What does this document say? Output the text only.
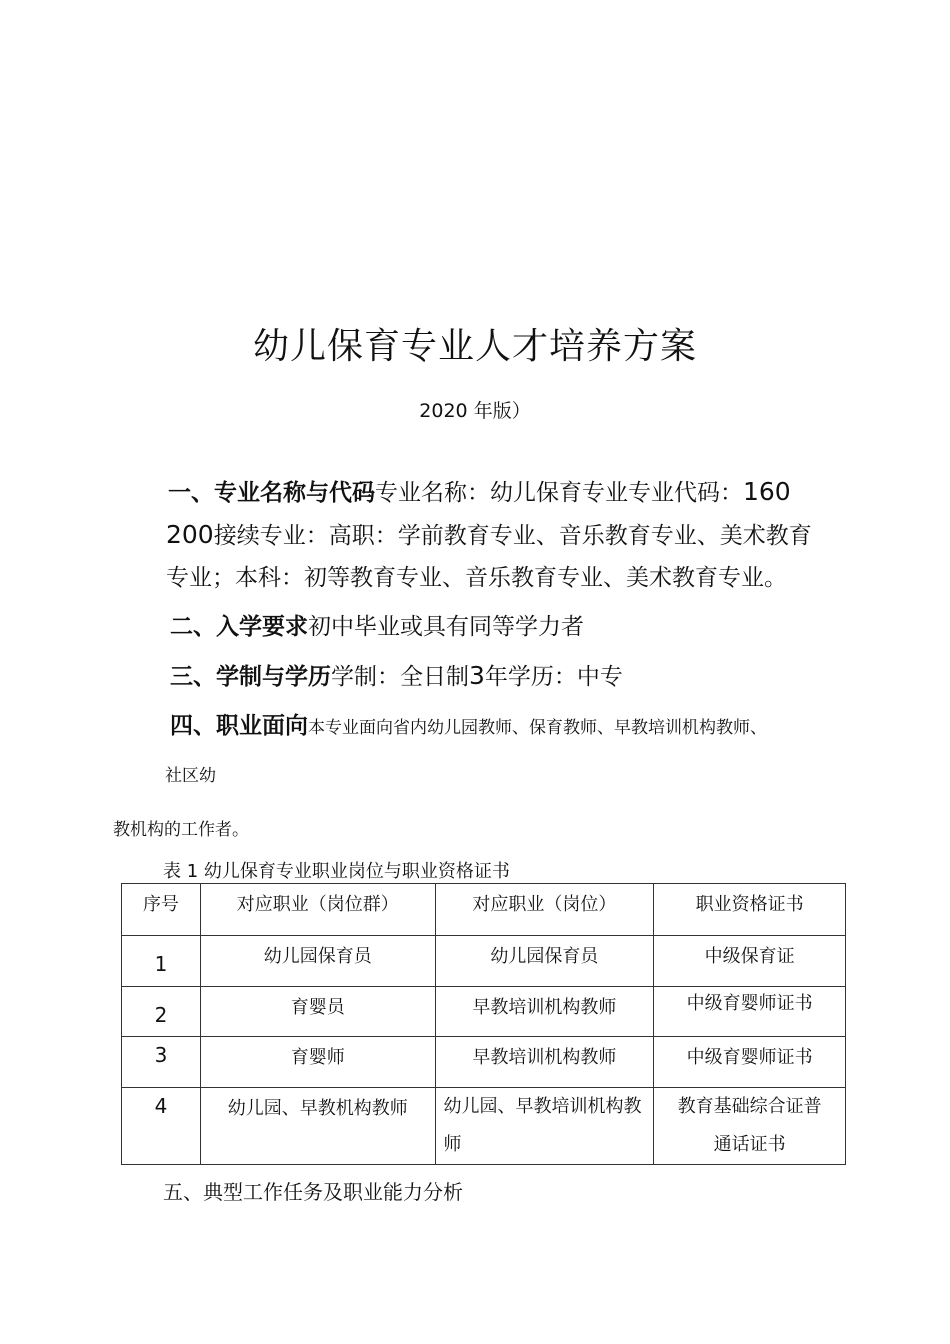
幼儿保育专业人才培养方案
2020 年版）
一、专业名称与代码专业名称：幼儿保育专业专业代码：160
200接续专业：高职：学前教育专业、音乐教育专业、美术教育
专业；本科：初等教育专业、音乐教育专业、美术教育专业。
二、入学要求初中毕业或具有同等学力者
三、学制与学历学制：全日制3年学历：中专
四、职业面向本专业面向省内幼儿园教师、保育教师、早教培训机构教师、
社区幼
教机构的工作者。
表 1 幼儿保育专业职业岗位与职业资格证书
序号	对应职业（岗位群）	对应职业（岗位）	职业资格证书
1	幼儿园保育员	幼儿园保育员	中级保育证
2	育婴员	早教培训机构教师	中级育婴师证书
3	育婴师	早教培训机构教师	中级育婴师证书
4	幼儿园、早教机构教师	幼儿园、早教培训机构教师	教育基础综合证普通话证书
五、典型工作任务及职业能力分析
